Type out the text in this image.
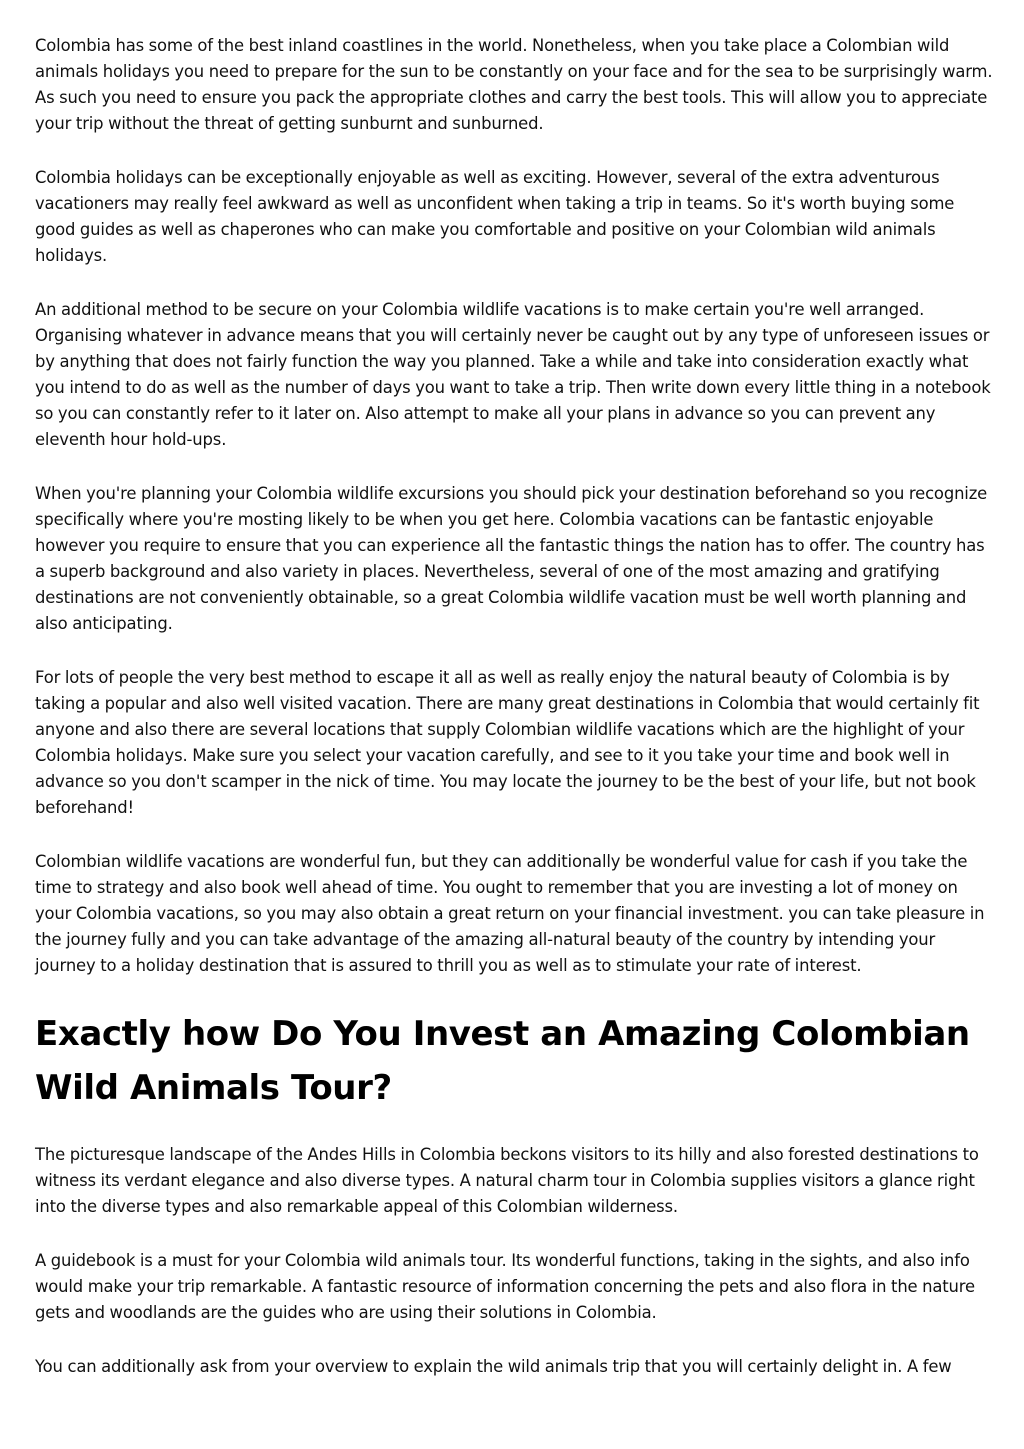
Colombia has some of the best inland coastlines in the world. Nonetheless, when you take place a Colombian wild animals holidays you need to prepare for the sun to be constantly on your face and for the sea to be surprisingly warm. As such you need to ensure you pack the appropriate clothes and carry the best tools. This will allow you to appreciate your trip without the threat of getting sunburnt and sunburned.

Colombia holidays can be exceptionally enjoyable as well as exciting. However, several of the extra adventurous vacationers may really feel awkward as well as unconfident when taking a trip in teams. So it's worth buying some good guides as well as chaperones who can make you comfortable and positive on your Colombian wild animals holidays.

An additional method to be secure on your Colombia wildlife vacations is to make certain you're well arranged. Organising whatever in advance means that you will certainly never be caught out by any type of unforeseen issues or by anything that does not fairly function the way you planned. Take a while and take into consideration exactly what you intend to do as well as the number of days you want to take a trip. Then write down every little thing in a notebook so you can constantly refer to it later on. Also attempt to make all your plans in advance so you can prevent any eleventh hour hold-ups.

When you're planning your Colombia wildlife excursions you should pick your destination beforehand so you recognize specifically where you're mosting likely to be when you get here. Colombia vacations can be fantastic enjoyable however you require to ensure that you can experience all the fantastic things the nation has to offer. The country has a superb background and also variety in places. Nevertheless, several of one of the most amazing and gratifying destinations are not conveniently obtainable, so a great Colombia wildlife vacation must be well worth planning and also anticipating.

For lots of people the very best method to escape it all as well as really enjoy the natural beauty of Colombia is by taking a popular and also well visited vacation. There are many great destinations in Colombia that would certainly fit anyone and also there are several locations that supply Colombian wildlife vacations which are the highlight of your Colombia holidays. Make sure you select your vacation carefully, and see to it you take your time and book well in advance so you don't scamper in the nick of time. You may locate the journey to be the best of your life, but not book beforehand!

Colombian wildlife vacations are wonderful fun, but they can additionally be wonderful value for cash if you take the time to strategy and also book well ahead of time. You ought to remember that you are investing a lot of money on your Colombia vacations, so you may also obtain a great return on your financial investment. you can take pleasure in the journey fully and you can take advantage of the amazing all-natural beauty of the country by intending your journey to a holiday destination that is assured to thrill you as well as to stimulate your rate of interest.

Exactly how Do You Invest an Amazing Colombian Wild Animals Tour?

The picturesque landscape of the Andes Hills in Colombia beckons visitors to its hilly and also forested destinations to witness its verdant elegance and also diverse types. A natural charm tour in Colombia supplies visitors a glance right into the diverse types and also remarkable appeal of this Colombian wilderness.

A guidebook is a must for your Colombia wild animals tour. Its wonderful functions, taking in the sights, and also info would make your trip remarkable. A fantastic resource of information concerning the pets and also flora in the nature gets and woodlands are the guides who are using their solutions in Colombia.

You can additionally ask from your overview to explain the wild animals trip that you will certainly delight in. A few
